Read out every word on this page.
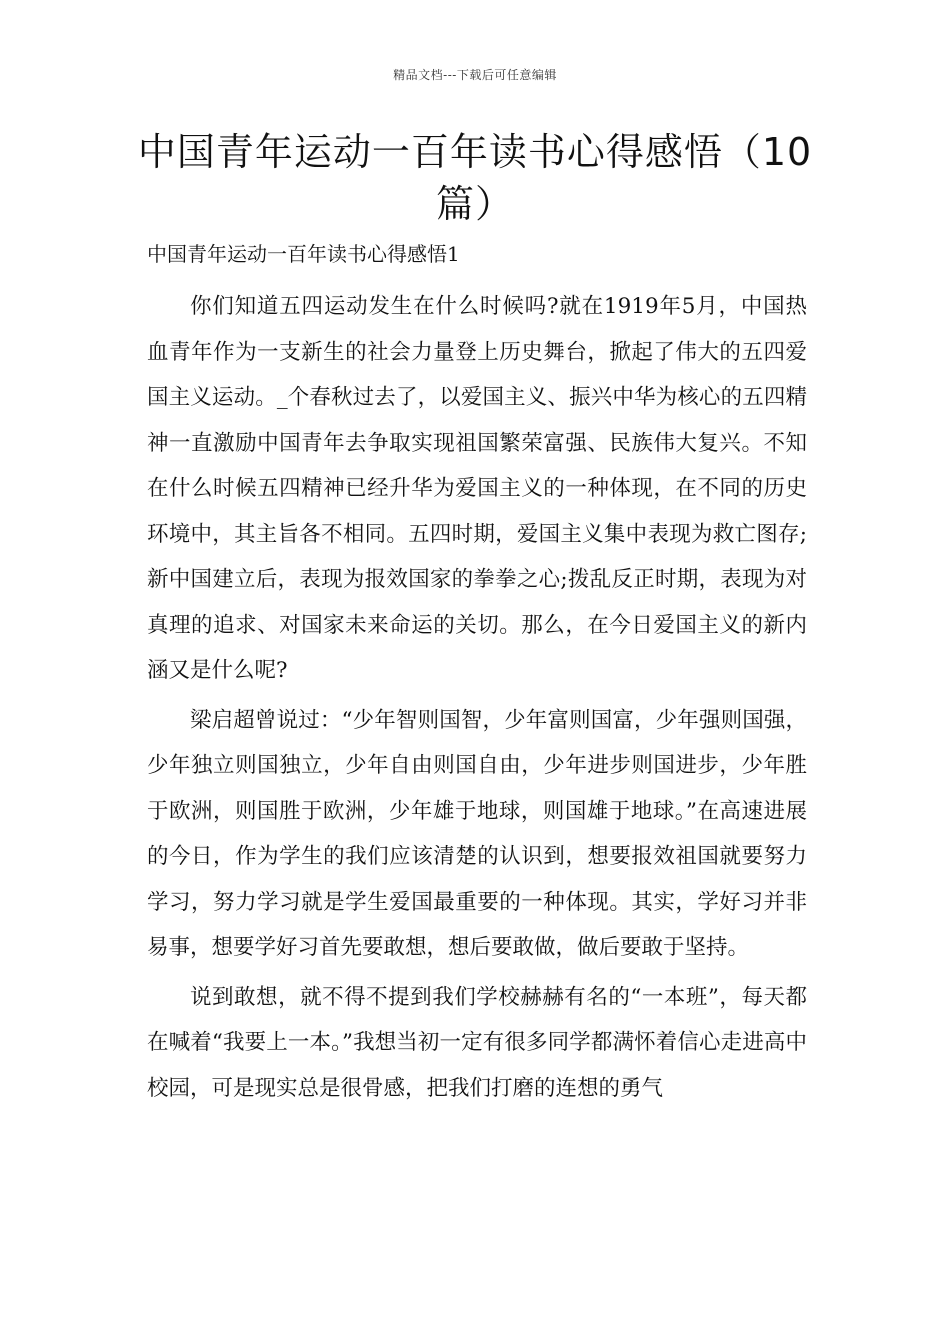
精品文档---下载后可任意编辑
中国青年运动一百年读书心得感悟（10篇）
中国青年运动一百年读书心得感悟1

你们知道五四运动发生在什么时候吗?就在1919年5月，中国热血青年作为一支新生的社会力量登上历史舞台，掀起了伟大的五四爱国主义运动。_个春秋过去了，以爱国主义、振兴中华为核心的五四精神一直激励中国青年去争取实现祖国繁荣富强、民族伟大复兴。不知在什么时候五四精神已经升华为爱国主义的一种体现，在不同的历史环境中，其主旨各不相同。五四时期，爱国主义集中表现为救亡图存;新中国建立后，表现为报效国家的拳拳之心;拨乱反正时期，表现为对真理的追求、对国家未来命运的关切。那么，在今日爱国主义的新内涵又是什么呢?

梁启超曾说过：“少年智则国智，少年富则国富，少年强则国强，少年独立则国独立，少年自由则国自由，少年进步则国进步，少年胜于欧洲，则国胜于欧洲，少年雄于地球，则国雄于地球。”在高速进展的今日，作为学生的我们应该清楚的认识到，想要报效祖国就要努力学习，努力学习就是学生爱国最重要的一种体现。其实，学好习并非易事，想要学好习首先要敢想，想后要敢做，做后要敢于坚持。

说到敢想，就不得不提到我们学校赫赫有名的“一本班”，每天都在喊着“我要上一本。”我想当初一定有很多同学都满怀着信心走进高中校园，可是现实总是很骨感，把我们打磨的连想的勇气
